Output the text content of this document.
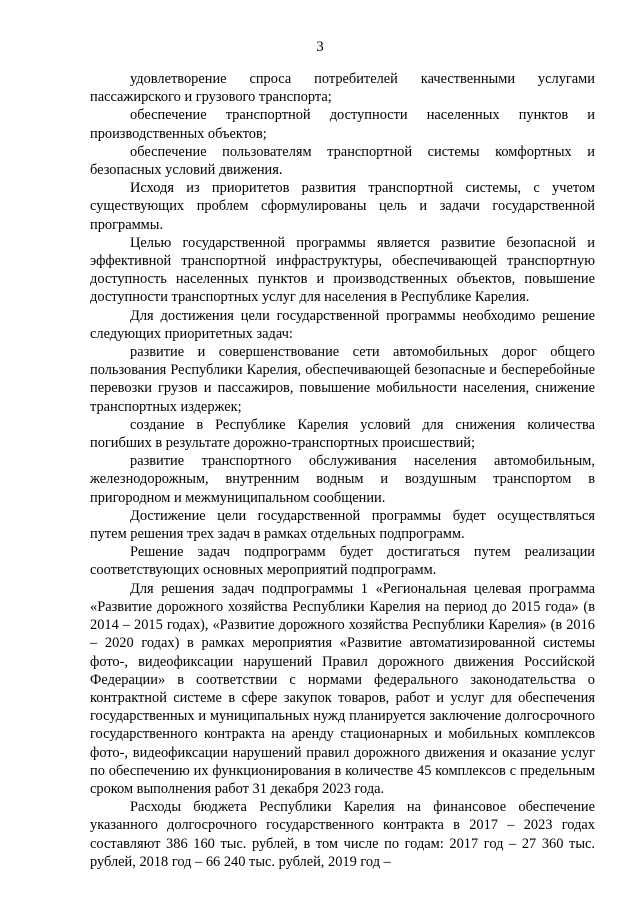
3

удовлетворение спроса потребителей качественными услугами пассажирского и грузового транспорта;

обеспечение транспортной доступности населенных пунктов и производственных объектов;

обеспечение пользователям транспортной системы комфортных и безопасных условий движения.

Исходя из приоритетов развития транспортной системы, с учетом существующих проблем сформулированы цель и задачи государственной программы.

Целью государственной программы является развитие безопасной и эффективной транспортной инфраструктуры, обеспечивающей транспортную доступность населенных пунктов и производственных объектов, повышение доступности транспортных услуг для населения в Республике Карелия.

Для достижения цели государственной программы необходимо решение следующих приоритетных задач:

развитие и совершенствование сети автомобильных дорог общего пользования Республики Карелия, обеспечивающей безопасные и бесперебойные перевозки грузов и пассажиров, повышение мобильности населения, снижение транспортных издержек;

создание в Республике Карелия условий для снижения количества погибших в результате дорожно-транспортных происшествий;

развитие транспортного обслуживания населения автомобильным, железнодорожным, внутренним водным и воздушным транспортом в пригородном и межмуниципальном сообщении.

Достижение цели государственной программы будет осуществляться путем решения трех задач в рамках отдельных подпрограмм.

Решение задач подпрограмм будет достигаться путем реализации соответствующих основных мероприятий подпрограмм.

Для решения задач подпрограммы 1 «Региональная целевая программа «Развитие дорожного хозяйства Республики Карелия на период до 2015 года» (в 2014 – 2015 годах), «Развитие дорожного хозяйства Республики Карелия» (в 2016 – 2020 годах) в рамках мероприятия «Развитие автоматизированной системы фото-, видеофиксации нарушений Правил дорожного движения Российской Федерации» в соответствии с нормами федерального законодательства о контрактной системе в сфере закупок товаров, работ и услуг для обеспечения государственных и муниципальных нужд планируется заключение долгосрочного государственного контракта на аренду стационарных и мобильных комплексов фото-, видеофиксации нарушений правил дорожного движения и оказание услуг по обеспечению их функционирования в количестве 45 комплексов с предельным сроком выполнения работ 31 декабря 2023 года.

Расходы бюджета Республики Карелия на финансовое обеспечение указанного долгосрочного государственного контракта в 2017 – 2023 годах составляют 386 160 тыс. рублей, в том числе по годам: 2017 год – 27 360 тыс. рублей, 2018 год – 66 240 тыс. рублей, 2019 год –
